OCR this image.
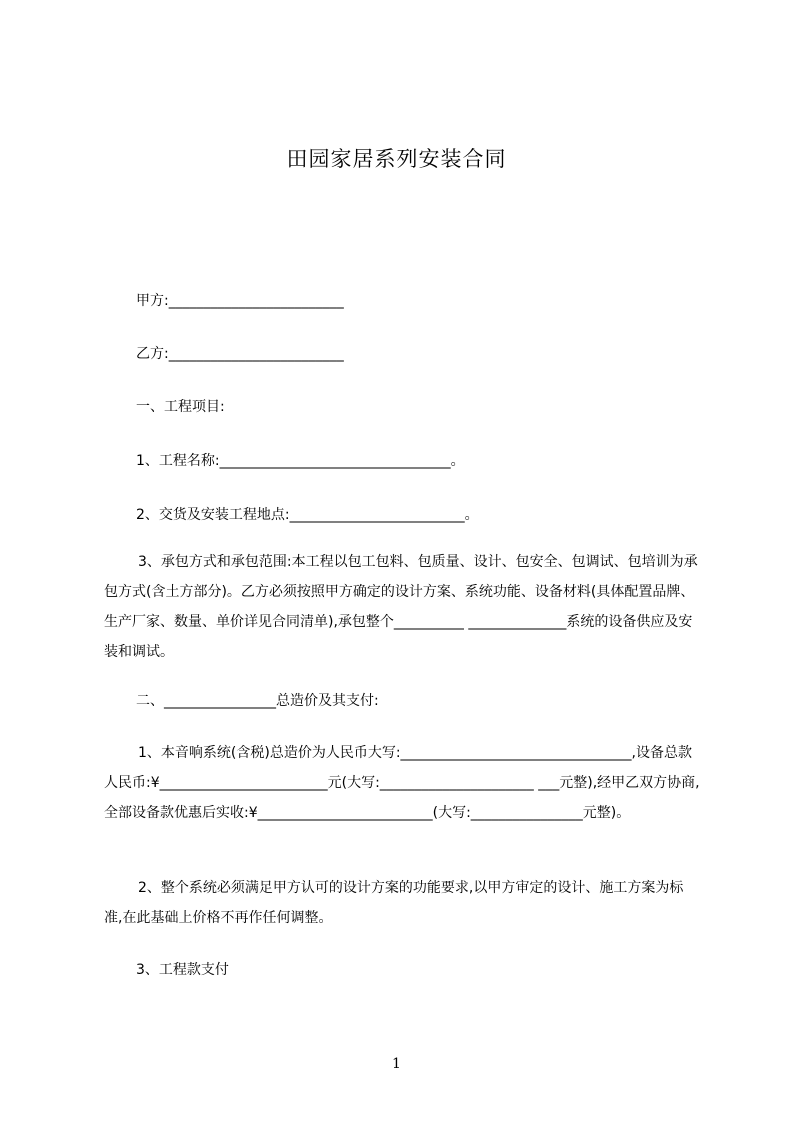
田园家居系列安装合同
甲方:_________________________
乙方:_________________________
一、工程项目:
1、工程名称:_________________________________。
2、交货及安装工程地点:_________________________。
3、承包方式和承包范围:本工程以包工包料、包质量、设计、包安全、包调试、包培训为承包方式(含土方部分)。乙方必须按照甲方确定的设计方案、系统功能、设备材料(具体配置品牌、生产厂家、数量、单价详见合同清单),承包整个__________ ______________系统的设备供应及安装和调试。
二、________________总造价及其支付:
1、本音响系统(含税)总造价为人民币大写:_________________________________,设备总款人民币:¥________________________元(大写:______________________ ___元整),经甲乙双方协商,全部设备款优惠后实收:¥_________________________(大写:________________元整)。
2、整个系统必须满足甲方认可的设计方案的功能要求,以甲方审定的设计、施工方案为标准,在此基础上价格不再作任何调整。
3、工程款支付
1
